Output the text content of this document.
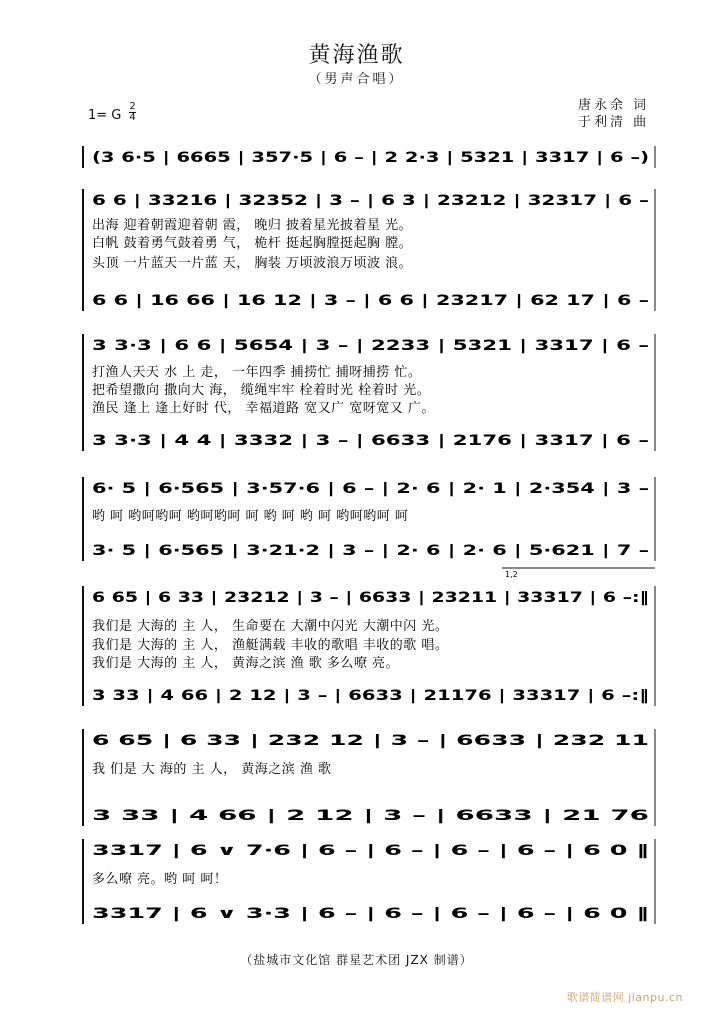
黄海渔歌
（男声合唱）
唐永余 词
于利清 曲
1= G
2
4
(3 6·5 | 6665 | 357·5 | 6 – | 2 2·3 | 5321 | 3317 | 6 –)
6 6 | 33216 | 32352 | 3 – | 6 3 | 23212 | 32317 | 6 –
出海 迎着朝霞迎着朝 霞， 晚归 披着星光披着星 光。
白帆 鼓着勇气鼓着勇 气， 桅杆 挺起胸膛挺起胸 膛。
头顶 一片蓝天一片蓝 天， 胸装 万顷波浪万顷波 浪。
6 6 | 16 66 | 16 12 | 3 – | 6 6 | 23217 | 62 17 | 6 –
3 3·3 | 6 6 | 5654 | 3 – | 2233 | 5321 | 3317 | 6 –
打渔人天天 水 上 走， 一年四季 捕捞忙 捕呀捕捞 忙。
把希望撒向 撒向大 海， 缆绳牢牢 栓着时光 栓着时 光。
渔民 逢上 逢上好时 代， 幸福道路 宽又广 宽呀宽又 广。
3 3·3 | 4 4 | 3332 | 3 – | 6633 | 2176 | 3317 | 6 –
6· 5 | 6·565 | 3·57·6 | 6 – | 2· 6 | 2· 1 | 2·354 | 3 –
哟 呵 哟呵哟呵 哟呵哟呵 呵 哟 呵 哟 呵 哟呵哟呵 呵
3· 5 | 6·565 | 3·21·2 | 3 – | 2· 6 | 2· 6 | 5·621 | 7 –
6 65 | 6 33 | 23212 | 3 – | 6633 | 23211 | 33317 | 6 –:‖
我们是 大海的 主 人， 生命要在 大潮中闪光 大潮中闪 光。
我们是 大海的 主 人， 渔艇满载 丰收的歌唱 丰收的歌 唱。
我们是 大海的 主 人， 黄海之滨 渔 歌 多么嘹 亮。
3 33 | 4 66 | 2 12 | 3 – | 6633 | 21176 | 33317 | 6 –:‖
6 65 | 6 33 | 232 12 | 3 – | 6633 | 232 11
我 们是 大 海的 主 人， 黄海之滨 渔 歌
3 33 | 4 66 | 2 12 | 3 – | 6633 | 21 76
3317 | 6 ∨ 7·6 | 6 – | 6 – | 6 – | 6 – | 6 0 ‖
多么嘹 亮。哟 呵 呵！
3317 | 6 ∨ 3·3 | 6 – | 6 – | 6 – | 6 – | 6 0 ‖
1,2
（盐城市文化馆 群星艺术团 JZX 制谱）
歌谱简谱网 jianpu.cn
